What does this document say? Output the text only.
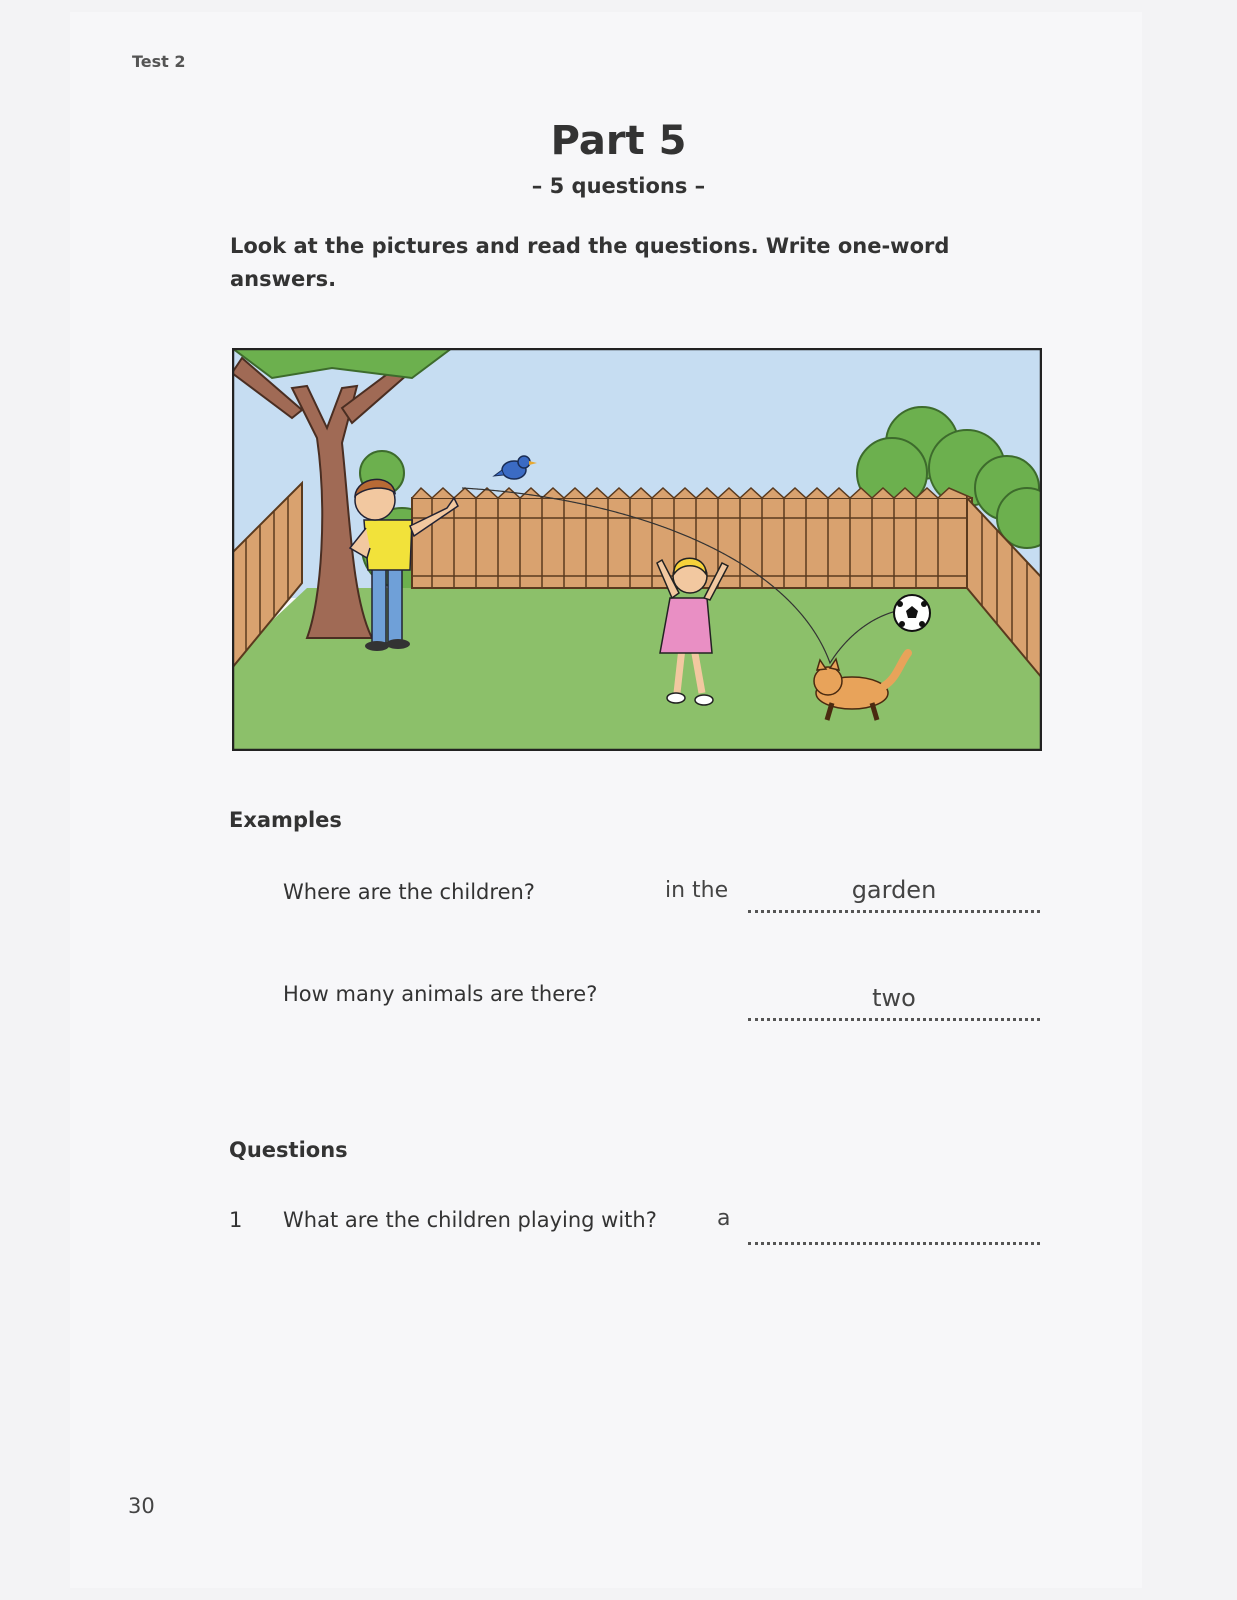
Test 2
Part 5
– 5 questions –
Look at the pictures and read the questions. Write one-word answers.
Examples
Where are the children?	in the	garden
How many animals are there?	two
Questions
1 What are the children playing with?	a
30
